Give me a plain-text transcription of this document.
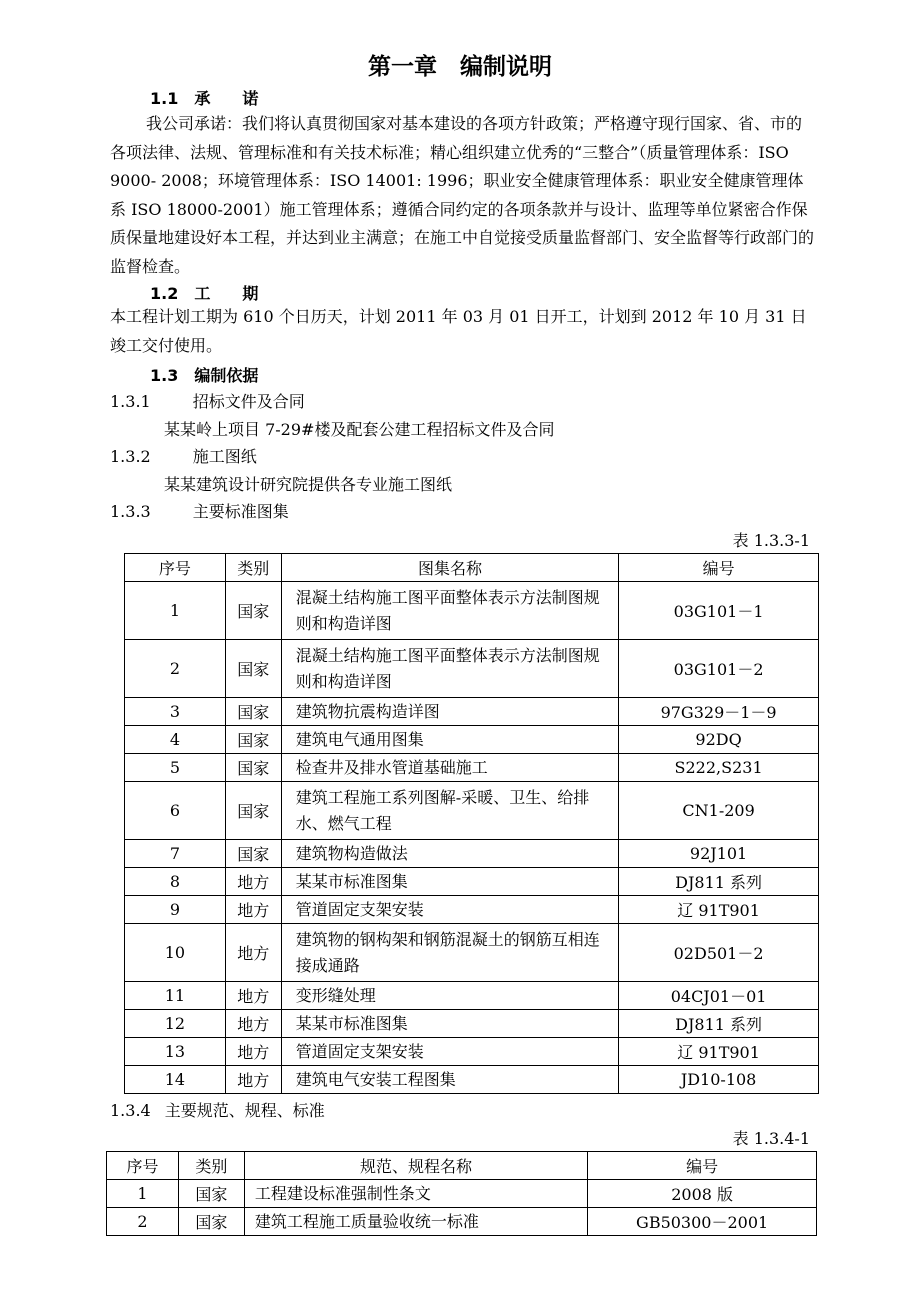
第一章　编制说明
1.1　承　　诺
我公司承诺：我们将认真贯彻国家对基本建设的各项方针政策；严格遵守现行国家、省、市的各项法律、法规、管理标准和有关技术标准；精心组织建立优秀的“三整合”（质量管理体系：ISO 9000- 2008；环境管理体系：ISO 14001: 1996；职业安全健康管理体系：职业安全健康管理体系 ISO 18000-2001）施工管理体系；遵循合同约定的各项条款并与设计、监理等单位紧密合作保质保量地建设好本工程，并达到业主满意；在施工中自觉接受质量监督部门、安全监督等行政部门的监督检查。
1.2　工　　期
本工程计划工期为 610 个日历天，计划 2011 年 03 月 01 日开工，计划到 2012 年 10 月 31 日竣工交付使用。
1.3　编制依据
1.3.1	招标文件及合同
某某岭上项目 7-29#楼及配套公建工程招标文件及合同
1.3.2	施工图纸
某某建筑设计研究院提供各专业施工图纸
1.3.3	主要标准图集
表 1.3.3-1
序号	类别	图集名称	编号
1	国家	混凝土结构施工图平面整体表示方法制图规则和构造详图	03G101－1
2	国家	混凝土结构施工图平面整体表示方法制图规则和构造详图	03G101－2
3	国家	建筑物抗震构造详图	97G329－1－9
4	国家	建筑电气通用图集	92DQ
5	国家	检查井及排水管道基础施工	S222,S231
6	国家	建筑工程施工系列图解-采暖、卫生、给排水、燃气工程	CN1-209
7	国家	建筑物构造做法	92J101
8	地方	某某市标准图集	DJ811 系列
9	地方	管道固定支架安装	辽 91T901
10	地方	建筑物的钢构架和钢筋混凝土的钢筋互相连接成通路	02D501－2
11	地方	变形缝处理	04CJ01－01
12	地方	某某市标准图集	DJ811 系列
13	地方	管道固定支架安装	辽 91T901
14	地方	建筑电气安装工程图集	JD10-108
1.3.4 主要规范、规程、标准
表 1.3.4-1
序号	类别	规范、规程名称	编号
1	国家	工程建设标准强制性条文	2008 版
2	国家	建筑工程施工质量验收统一标准	GB50300－2001
